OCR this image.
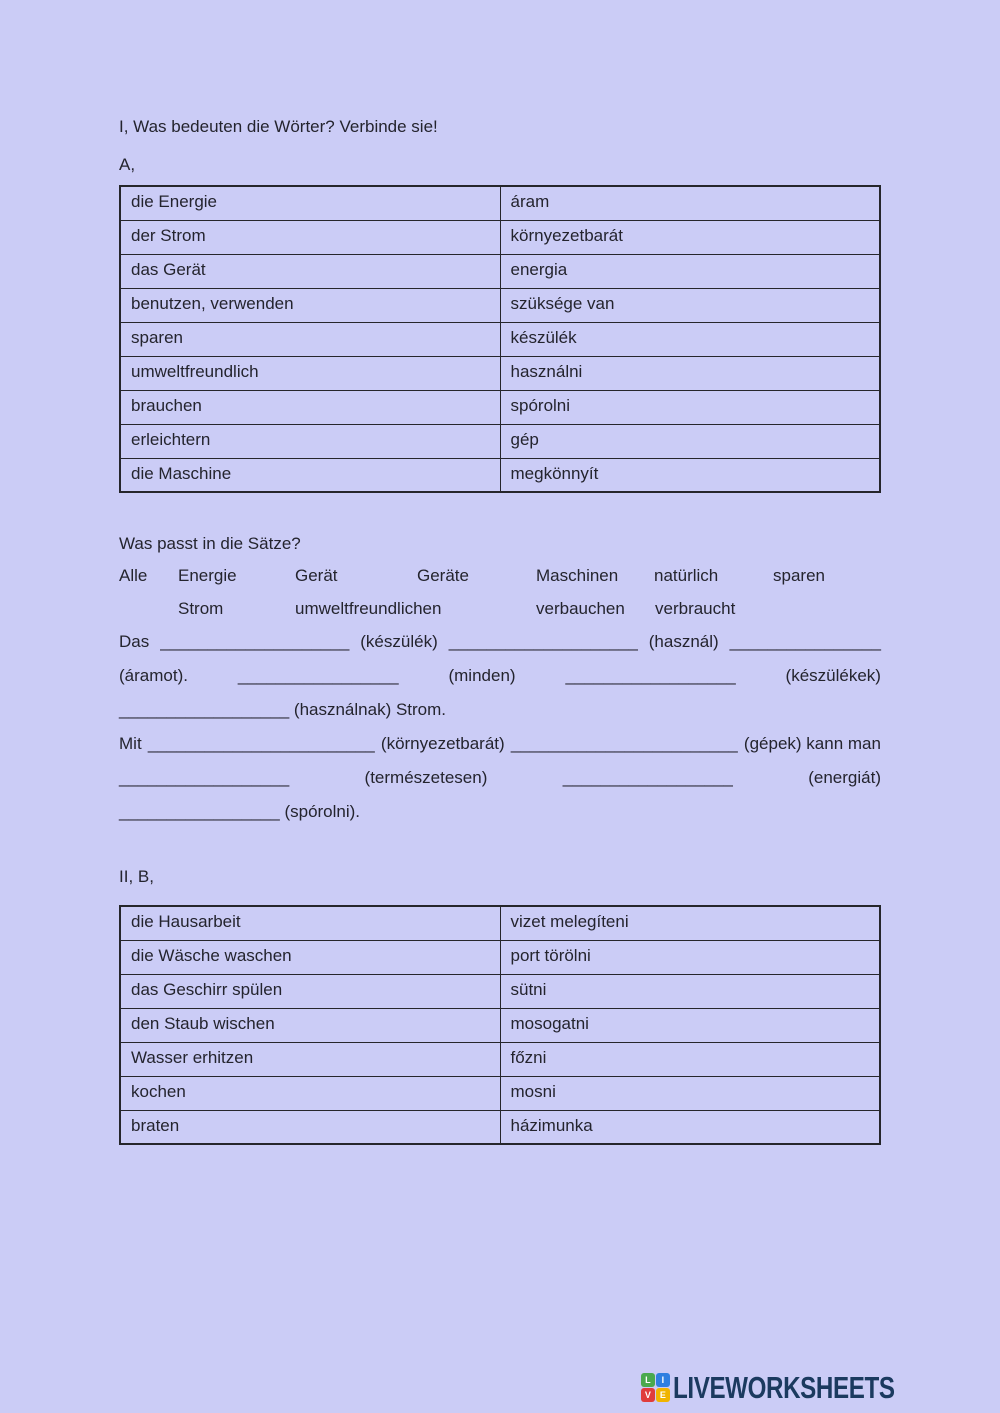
I, Was bedeuten die Wörter? Verbinde sie!
A,
die Energie	áram
der Strom	környezetbarát
das Gerät	energia
benutzen, verwenden	szüksége van
sparen	készülék
umweltfreundlich	használni
brauchen	spórolni
erleichtern	gép
die Maschine	megkönnyít
Was passt in die Sätze?
Alle Energie	Gerät	Geräte	Maschinen natürlich	sparen
Strom	umweltfreundlichen	verbauchen verbraucht
Das ____________________ (készülék) ____________________ (használ) ________________
(áramot).	_________________	(minden)	__________________	(készülékek)
__________________ (használnak) Strom.
Mit ________________________ (környezetbarát) ________________________ (gépek) kann man
__________________	(természetesen)	__________________	(energiát)
_________________ (spórolni).
II, B,
die Hausarbeit	vizet melegíteni
die Wäsche waschen	port törölni
das Geschirr spülen	sütni
den Staub wischen	mosogatni
Wasser erhitzen	főzni
kochen	mosni
braten	házimunka
L	I
V E LIVEWORKSHEETS
